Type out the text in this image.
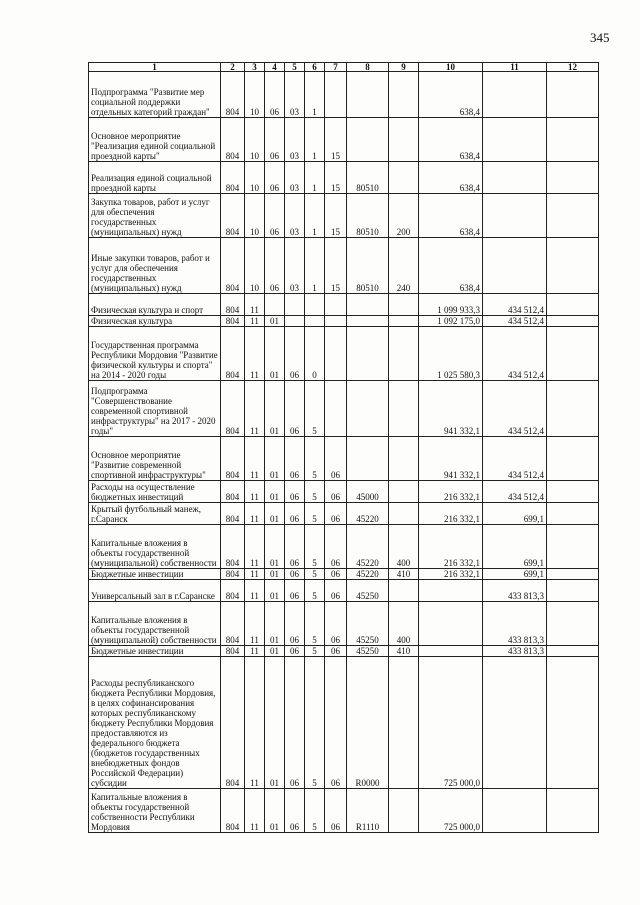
345
1	2	3	4	5	6	7	8	9	10	11	12
Подпрограмма "Развитие мер социальной поддержки отдельных категорий граждан"	804	10	06	03	1				638,4		
Основное мероприятие "Реализация единой социальной проездной карты"	804	10	06	03	1	15			638,4		
Реализация единой социальной проездной карты	804	10	06	03	1	15	80510		638,4		
Закупка товаров, работ и услуг для обеспечения государственных (муниципальных) нужд	804	10	06	03	1	15	80510	200	638,4		
Иные закупки товаров, работ и услуг для обеспечения государственных (муниципальных) нужд	804	10	06	03	1	15	80510	240	638,4		
Физическая культура и спорт	804	11							1 099 933,3	434 512,4	
Физическая культура	804	11	01						1 092 175,0	434 512,4	
Государственная программа Республики Мордовия "Развитие физической культуры и спорта" на 2014 - 2020 годы	804	11	01	06	0				1 025 580,3	434 512,4	
Подпрограмма "Совершенствование современной спортивной инфраструктуры" на 2017 - 2020 годы"	804	11	01	06	5				941 332,1	434 512,4	
Основное мероприятие "Развитие современной спортивной инфраструктуры"	804	11	01	06	5	06			941 332,1	434 512,4	
Расходы на осуществление бюджетных инвестиций	804	11	01	06	5	06	45000		216 332,1	434 512,4	
Крытый футбольный манеж, г.Саранск	804	11	01	06	5	06	45220		216 332,1	699,1	
Капитальные вложения в объекты государственной (муниципальной) собственности	804	11	01	06	5	06	45220	400	216 332,1	699,1	
Бюджетные инвестиции	804	11	01	06	5	06	45220	410	216 332,1	699,1	
Универсальный зал в г.Саранске	804	11	01	06	5	06	45250			433 813,3	
Капитальные вложения в объекты государственной (муниципальной) собственности	804	11	01	06	5	06	45250	400		433 813,3	
Бюджетные инвестиции	804	11	01	06	5	06	45250	410		433 813,3	
Расходы республиканского бюджета Республики Мордовия, в целях софинансирования которых республиканскому бюджету Республики Мордовия предоставляются из федерального бюджета (бюджетов государственных внебюджетных фондов Российской Федерации) субсидии	804	11	01	06	5	06	R0000		725 000,0		
Капитальные вложения в объекты государственной собственности Республики Мордовия	804	11	01	06	5	06	R1110		725 000,0		
